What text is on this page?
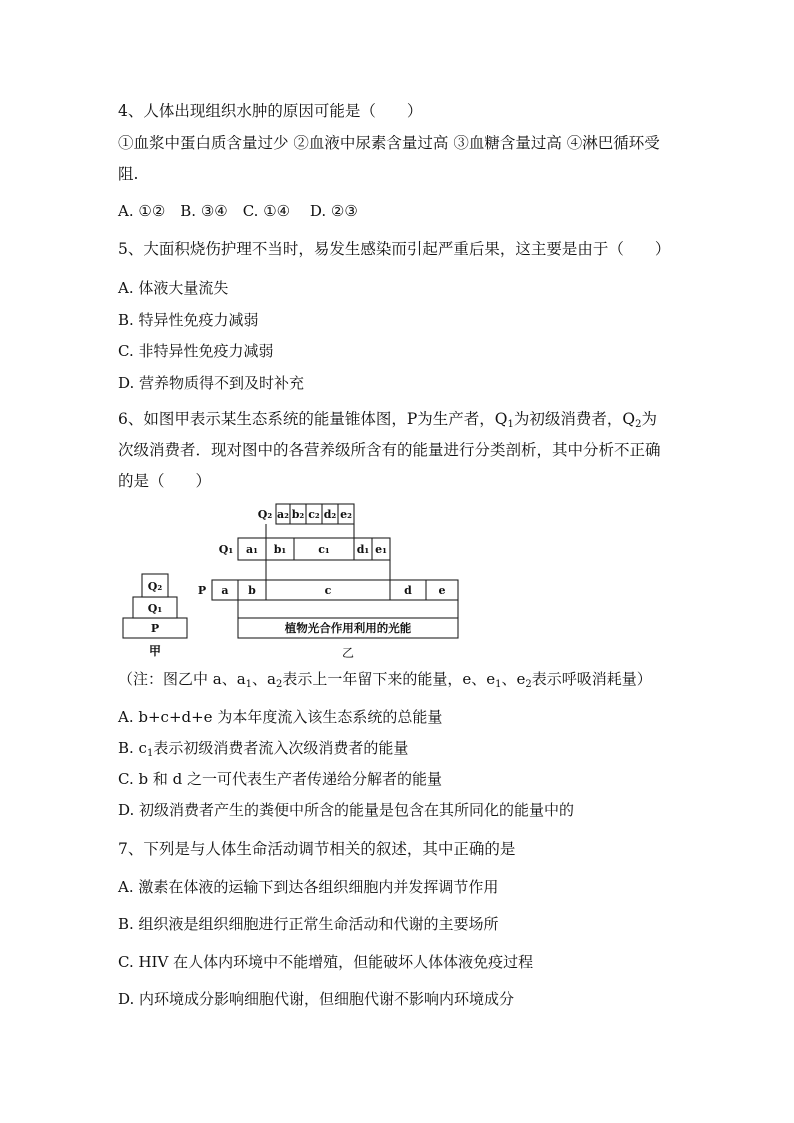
4、人体出现组织水肿的原因可能是（　　）
①血浆中蛋白质含量过少 ②血液中尿素含量过高 ③血糖含量过高 ④淋巴循环受
阻.
A. ①②　B. ③④　C. ①④　 D. ②③
5、大面积烧伤护理不当时，易发生感染而引起严重后果，这主要是由于（　　）
A. 体液大量流失
B. 特异性免疫力减弱
C. 非特异性免疫力减弱
D. 营养物质得不到及时补充
6、如图甲表示某生态系统的能量锥体图，P为生产者，$Q_1$为初级消费者，$Q_2$为
次级消费者．现对图中的各营养级所含有的能量进行分类剖析，其中分析不正确
的是（　　）
P
Q₁
Q₂
甲
Q₂
Q₁
P
a₂ b₂ c₂ d₂ e₂
a₁ b₁	c₁ d₁ e₁
a b	c	d e
植物光合作用利用的光能
乙
（注：图乙中 a、$a_1$、$a_2$表示上一年留下来的能量，e、$e_1$、$e_2$表示呼吸消耗量）
A. b+c+d+e 为本年度流入该生态系统的总能量
B. $c_1$表示初级消费者流入次级消费者的能量
C. b 和 d 之一可代表生产者传递给分解者的能量
D. 初级消费者产生的粪便中所含的能量是包含在其所同化的能量中的
7、下列是与人体生命活动调节相关的叙述，其中正确的是
A. 激素在体液的运输下到达各组织细胞内并发挥调节作用
B. 组织液是组织细胞进行正常生命活动和代谢的主要场所
C. HIV 在人体内环境中不能增殖，但能破坏人体体液免疫过程
D. 内环境成分影响细胞代谢，但细胞代谢不影响内环境成分
